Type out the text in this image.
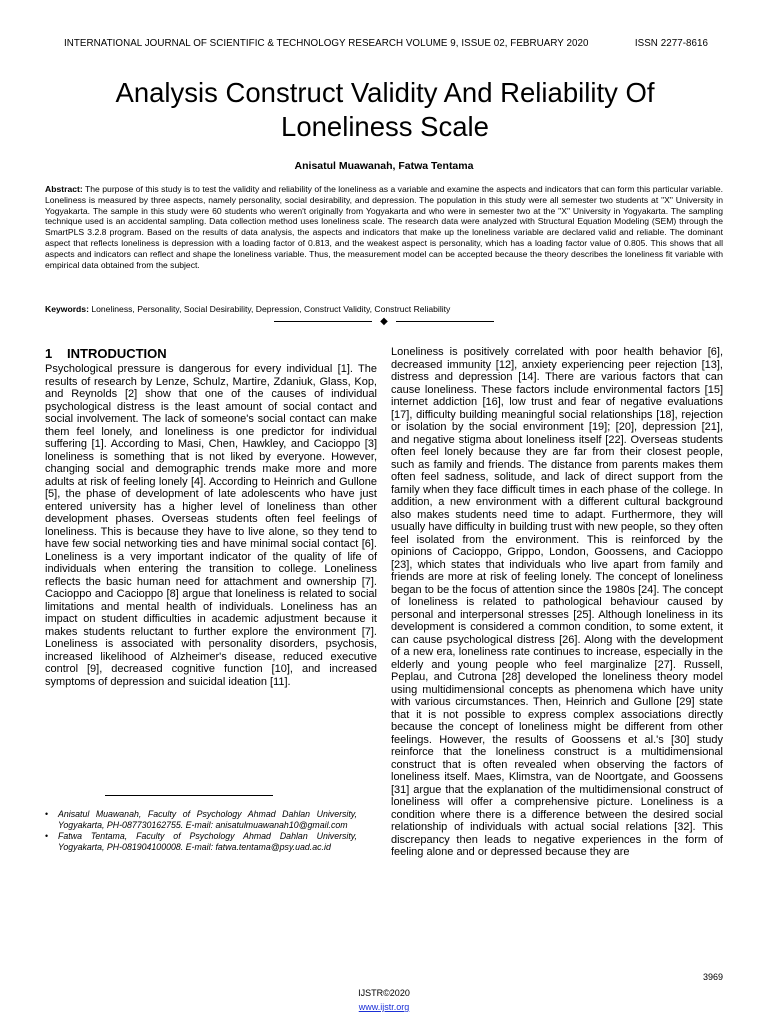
INTERNATIONAL JOURNAL OF SCIENTIFIC & TECHNOLOGY RESEARCH VOLUME 9, ISSUE 02, FEBRUARY 2020	ISSN 2277-8616
Analysis Construct Validity And Reliability Of
Loneliness Scale
Anisatul Muawanah, Fatwa Tentama
Abstract: The purpose of this study is to test the validity and reliability of the loneliness as a variable and examine the aspects and indicators that can form this particular variable. Loneliness is measured by three aspects, namely personality, social desirability, and depression. The population in this study were all semester two students at "X" University in Yogyakarta. The sample in this study were 60 students who weren't originally from Yogyakarta and who were in semester two at the "X" University in Yogyakarta. The sampling technique used is an accidental sampling. Data collection method uses loneliness scale. The research data were analyzed with Structural Equation Modeling (SEM) through the SmartPLS 3.2.8 program. Based on the results of data analysis, the aspects and indicators that make up the loneliness variable are declared valid and reliable. The dominant aspect that reflects loneliness is depression with a loading factor of 0.813, and the weakest aspect is personality, which has a loading factor value of 0.805. This shows that all aspects and indicators can reflect and shape the loneliness variable. Thus, the measurement model can be accepted because the theory describes the loneliness fit variable with empirical data obtained from the subject.
Keywords: Loneliness, Personality, Social Desirability, Depression, Construct Validity, Construct Reliability
◆
1 INTRODUCTION

Psychological pressure is dangerous for every individual [1]. The results of research by Lenze, Schulz, Martire, Zdaniuk, Glass, Kop, and Reynolds [2] show that one of the causes of individual psychological distress is the least amount of social contact and social involvement. The lack of someone's social contact can make them feel lonely, and loneliness is one predictor for individual suffering [1]. According to Masi, Chen, Hawkley, and Cacioppo [3] loneliness is something that is not liked by everyone. However, changing social and demographic trends make more and more adults at risk of feeling lonely [4]. According to Heinrich and Gullone [5], the phase of development of late adolescents who have just entered university has a higher level of loneliness than other development phases. Overseas students often feel feelings of loneliness. This is because they have to live alone, so they tend to have few social networking ties and have minimal social contact [6]. Loneliness is a very important indicator of the quality of life of individuals when entering the transition to college. Loneliness reflects the basic human need for attachment and ownership [7]. Cacioppo and Cacioppo [8] argue that loneliness is related to social limitations and mental health of individuals. Loneliness has an impact on student difficulties in academic adjustment because it makes students reluctant to further explore the environment [7]. Loneliness is associated with personality disorders, psychosis, increased likelihood of Alzheimer's disease, reduced executive control [9], decreased cognitive function [10], and increased symptoms of depression and suicidal ideation [11].

Loneliness is positively correlated with poor health behavior [6], decreased immunity [12], anxiety experiencing peer rejection [13], distress and depression [14]. There are various factors that can cause loneliness. These factors include environmental factors [15] internet addiction [16], low trust and fear of negative evaluations [17], difficulty building meaningful social relationships [18], rejection or isolation by the social environment [19]; [20], depression [21], and negative stigma about loneliness itself [22]. Overseas students often feel lonely because they are far from their closest people, such as family and friends. The distance from parents makes them often feel sadness, solitude, and lack of direct support from the family when they face difficult times in each phase of the college. In addition, a new environment with a different cultural background also makes students need time to adapt. Furthermore, they will usually have difficulty in building trust with new people, so they often feel isolated from the environment. This is reinforced by the opinions of Cacioppo, Grippo, London, Goossens, and Cacioppo [23], which states that individuals who live apart from family and friends are more at risk of feeling lonely. The concept of loneliness began to be the focus of attention since the 1980s [24]. The concept of loneliness is related to pathological behaviour caused by personal and interpersonal stresses [25]. Although loneliness in its development is considered a common condition, to some extent, it can cause psychological distress [26]. Along with the development of a new era, loneliness rate continues to increase, especially in the elderly and young people who feel marginalize [27]. Russell, Peplau, and Cutrona [28] developed the loneliness theory model using multidimensional concepts as phenomena which have unity with various circumstances. Then, Heinrich and Gullone [29] state that it is not possible to express complex associations directly because the concept of loneliness might be different from other feelings. However, the results of Goossens et al.'s [30] study reinforce that the loneliness construct is a multidimensional construct that is often revealed when observing the factors of loneliness itself. Maes, Klimstra, van de Noortgate, and Goossens [31] argue that the explanation of the multidimensional construct of loneliness will offer a comprehensive picture. Loneliness is a condition where there is a difference between the desired social relationship of individuals with actual social relations [32]. This discrepancy then leads to negative experiences in the form of feeling alone and or depressed because they are

•	Anisatul Muawanah, Faculty of Psychology Ahmad Dahlan University, Yogyakarta, PH-087730162755. E-mail: anisatulmuawanah10@gmail.com
•	Fatwa Tentama, Faculty of Psychology Ahmad Dahlan University, Yogyakarta, PH-081904100008. E-mail: fatwa.tentama@psy.uad.ac.id
3969
IJSTR©2020
www.ijstr.org
